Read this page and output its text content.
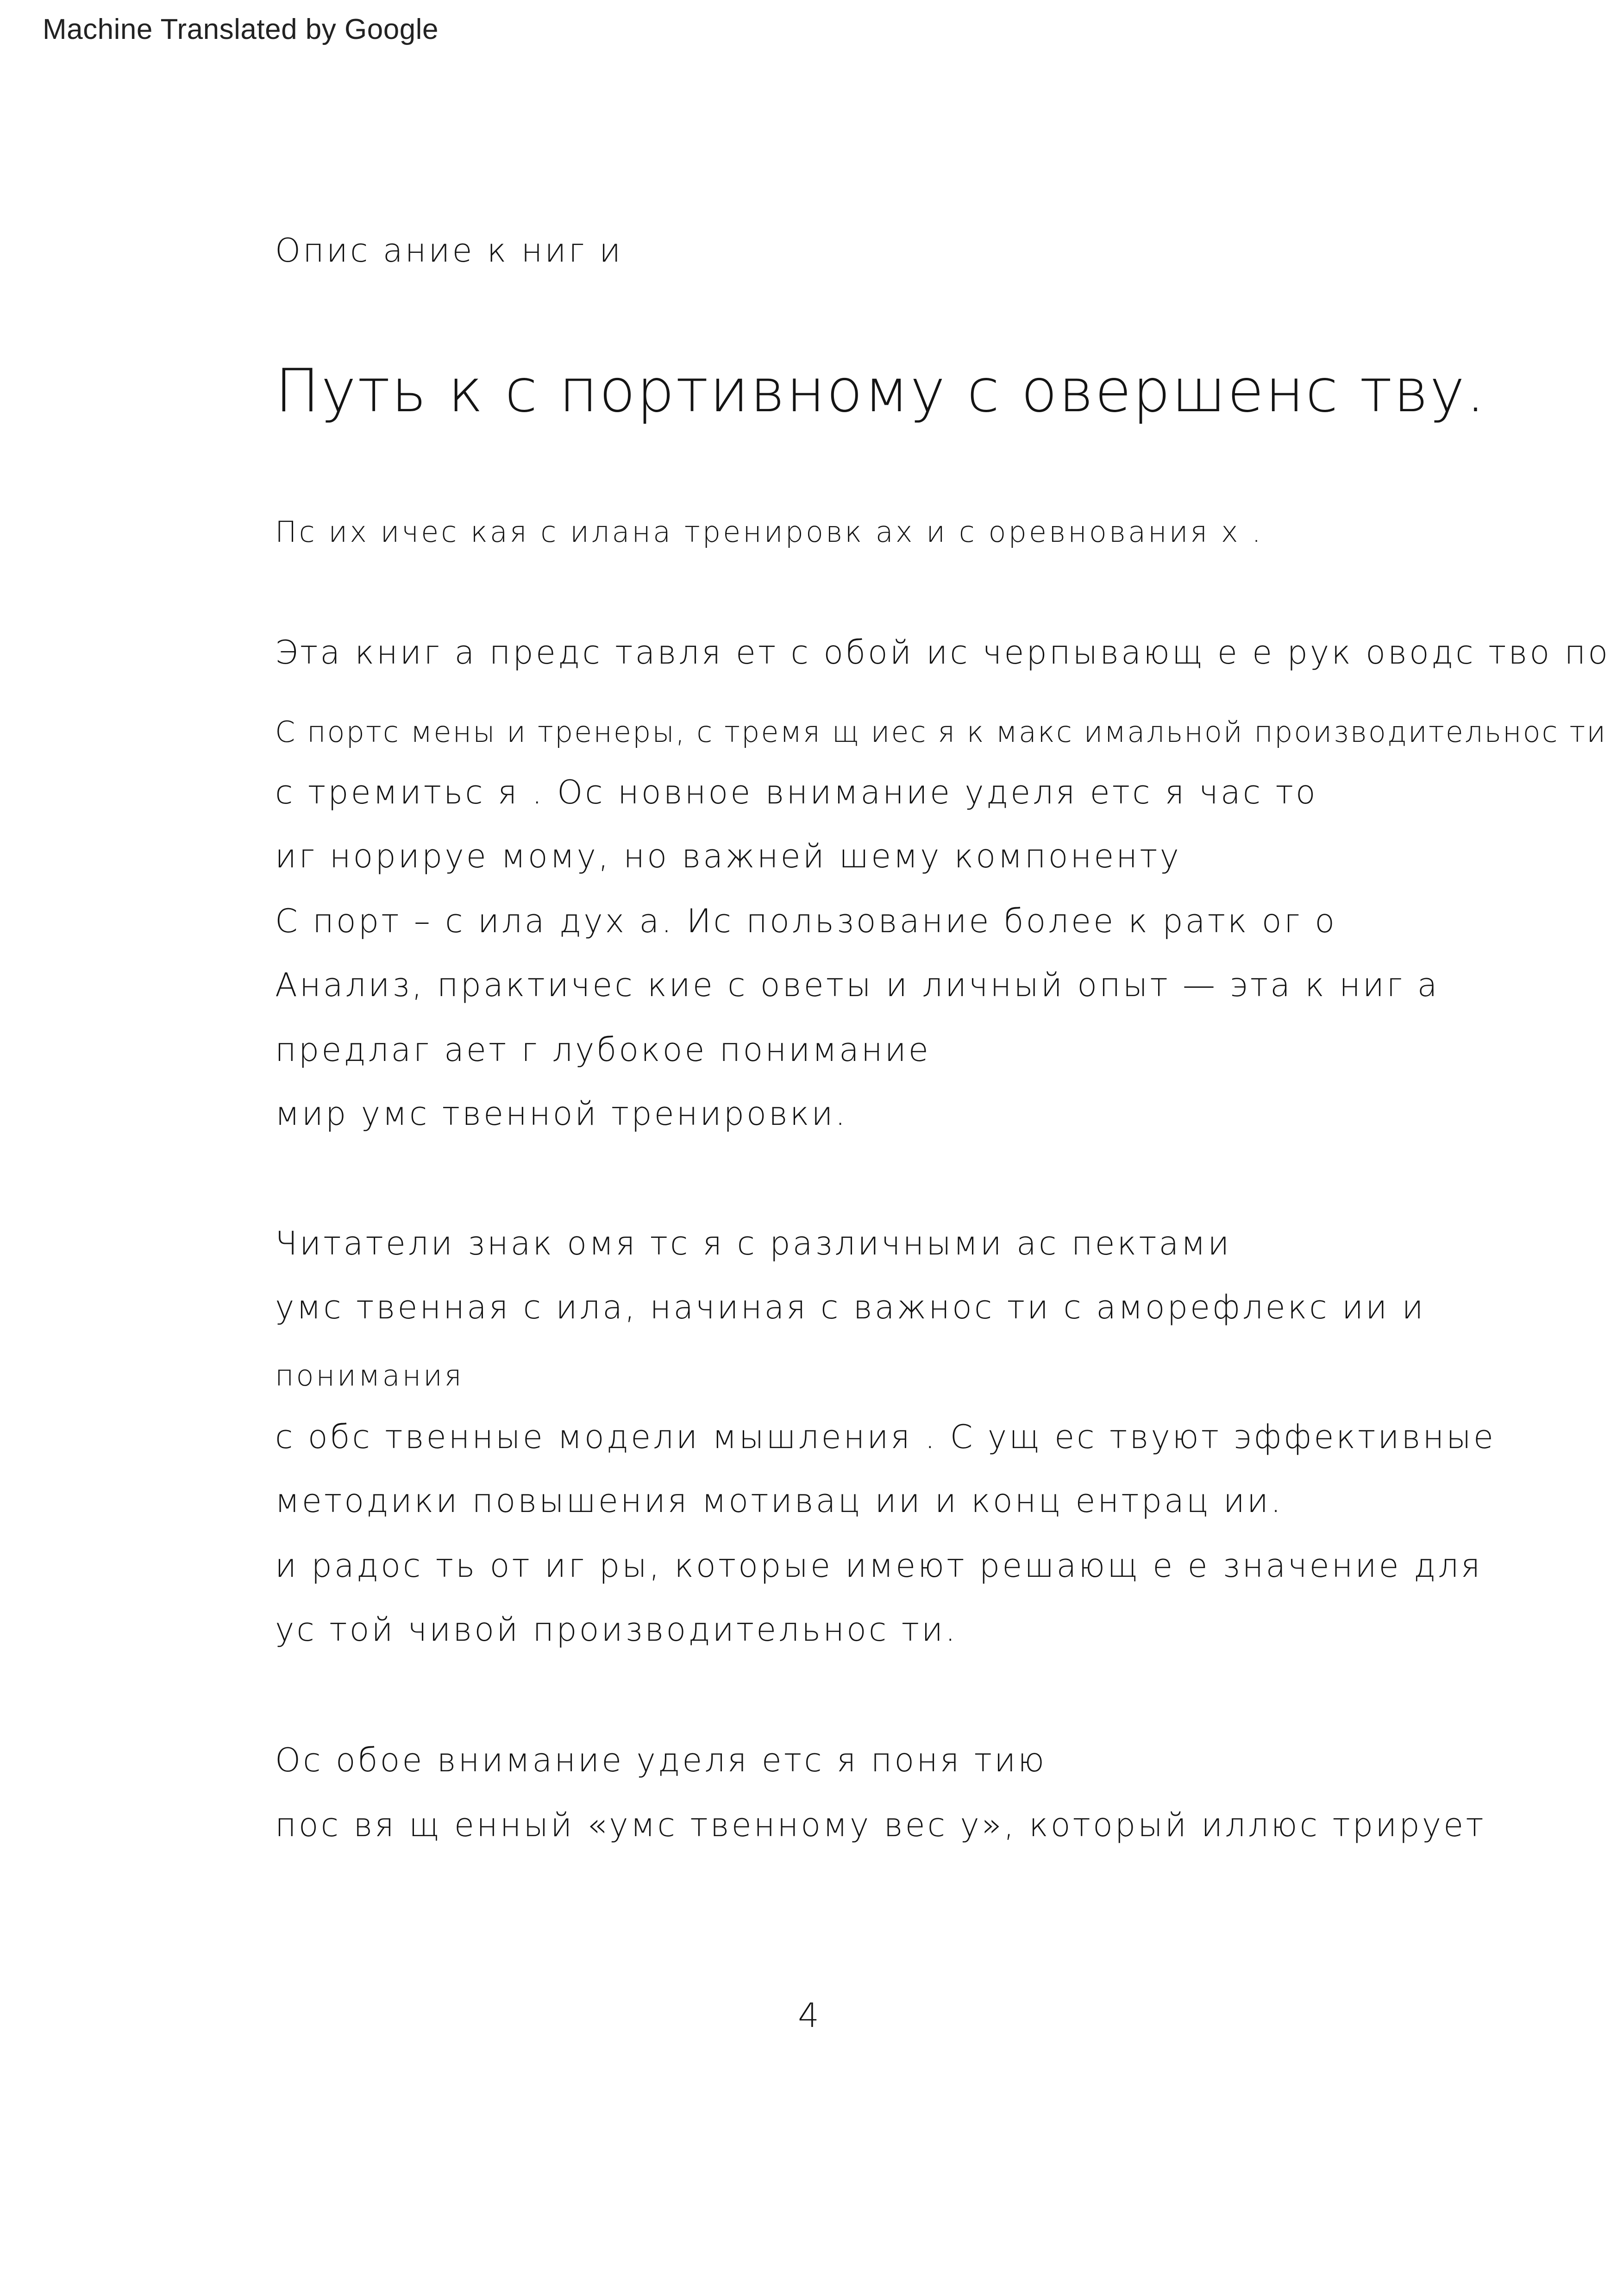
Machine Translated by Google
Опис ание к ниг и
Путь к с портивному с овершенс тву.
Пс их ичес кая с илана тренировк ах и с оревнования х .
Эта книг а предс тавля ет с обой ис черпывающ е е рук оводс тво по
С портс мены и тренеры, с тремя щ иес я к макс имальной производительнос ти
с тремитьс я . Ос новное внимание уделя етс я час то
иг норируе мому, но важней шему компоненту
С порт – с ила дух а. Ис пользование более к ратк ог о
Анализ, практичес кие с оветы и личный опыт — эта к ниг а
предлаг ает г лубокое понимание
мир умс твенной тренировки.
Читатели знак омя тс я с различными ас пектами
умс твенная с ила, начиная с важнос ти с аморефлекс ии и
понимания
с обс твенные модели мышления . С ущ ес твуют эффективные
методики повышения мотивац ии и конц ентрац ии.
и радос ть от иг ры, которые имеют решающ е е значение для
ус той чивой производительнос ти.
Ос обое внимание уделя етс я поня тию
пос вя щ енный «умс твенному вес у», который иллюс трирует
4
